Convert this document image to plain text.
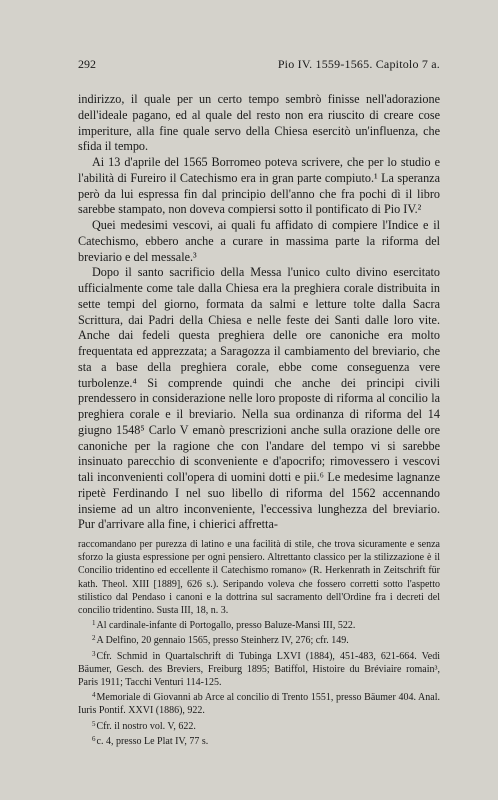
292	Pio IV. 1559-1565. Capitolo 7 a.

indirizzo, il quale per un certo tempo sembrò finisse nell'adorazione dell'ideale pagano, ed al quale del resto non era riuscito di creare cose imperiture, alla fine quale servo della Chiesa esercitò un'influenza, che sfida il tempo.

Ai 13 d'aprile del 1565 Borromeo poteva scrivere, che per lo studio e l'abilità di Fureiro il Catechismo era in gran parte compiuto.¹ La speranza però da lui espressa fin dal principio dell'anno che fra pochi dì il libro sarebbe stampato, non doveva compiersi sotto il pontificato di Pio IV.²

Quei medesimi vescovi, ai quali fu affidato di compiere l'Indice e il Catechismo, ebbero anche a curare in massima parte la riforma del breviario e del messale.³

Dopo il santo sacrificio della Messa l'unico culto divino esercitato ufficialmente come tale dalla Chiesa era la preghiera corale distribuita in sette tempi del giorno, formata da salmi e letture tolte dalla Sacra Scrittura, dai Padri della Chiesa e nelle feste dei Santi dalle loro vite. Anche dai fedeli questa preghiera delle ore canoniche era molto frequentata ed apprezzata; a Saragozza il cambiamento del breviario, che sta a base della preghiera corale, ebbe come conseguenza vere turbolenze.⁴ Si comprende quindi che anche dei principi civili prendessero in considerazione nelle loro proposte di riforma al concilio la preghiera corale e il breviario. Nella sua ordinanza di riforma del 14 giugno 1548⁵ Carlo V emanò prescrizioni anche sulla orazione delle ore canoniche per la ragione che con l'andare del tempo vi si sarebbe insinuato parecchio di sconveniente e d'apocrifo; rimovessero i vescovi tali inconvenienti coll'opera di uomini dotti e pii.⁶ Le medesime lagnanze ripetè Ferdinando I nel suo libello di riforma del 1562 accennando insieme ad un altro inconveniente, l'eccessiva lunghezza del breviario. Pur d'arrivare alla fine, i chierici affretta-

raccomandano per purezza di latino e una facilità di stile, che trova sicuramente e senza sforzo la giusta espressione per ogni pensiero. Altrettanto classico per la stilizzazione è il Concilio tridentino ed eccellente il Catechismo romano» (R. Herkenrath in Zeitschrift für kath. Theol. XIII [1889], 626 s.). Seripando voleva che fossero corretti sotto l'aspetto stilistico dal Pendaso i canoni e la dottrina sul sacramento dell'Ordine fra i decreti del concilio tridentino. Susta III, 18, n. 3.

$^1$Al cardinale-infante di Portogallo, presso Baluze-Mansi III, 522.

$^2$A Delfino, 20 gennaio 1565, presso Steinherz IV, 276; cfr. 149.

$^3$Cfr. Schmid in Quartalschrift di Tubinga LXVI (1884), 451-483, 621-664. Vedi Bäumer, Gesch. des Breviers, Freiburg 1895; Batiffol, Histoire du Bréviaire romain³, Paris 1911; Tacchi Venturi 114-125.

$^4$Memoriale di Giovanni ab Arce al concilio di Trento 1551, presso Bäumer 404. Anal. Iuris Pontif. XXVI (1886), 922.

$^5$Cfr. il nostro vol. V, 622.

$^6$c. 4, presso Le Plat IV, 77 s.
